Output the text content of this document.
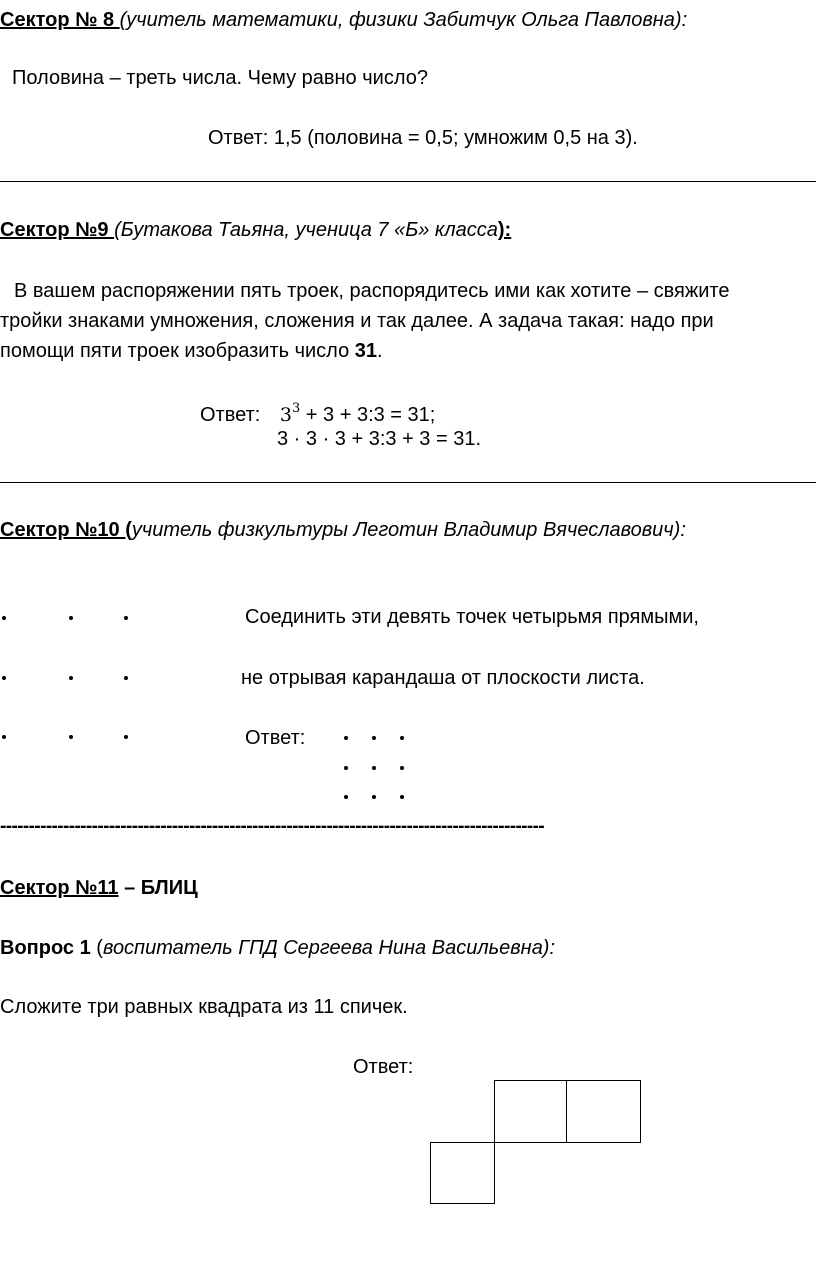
Сектор № 8 (учитель математики, физики Забитчук Ольга Павловна):
Половина – треть числа. Чему равно число?
Ответ: 1,5 (половина = 0,5; умножим 0,5 на 3).
Сектор №9 (Бутакова Таьяна, ученица 7 «Б» класса):
В вашем распоряжении пять троек, распорядитесь ими как хотите – свяжите
тройки знаками умножения, сложения и так далее. А задача такая: надо при
помощи пяти троек изобразить число 31.
Ответ: $3^3 + 3$ + 3:3 = 31;
3 · 3 · 3 + 3:3 + 3 = 31.
Сектор №10 (учитель физкультуры Леготин Владимир Вячеславович):
Соединить эти девять точек четырьмя прямыми,
не отрывая карандаша от плоскости листа.
Ответ:
-----------------------------------------------------------------------------------------------
Сектор №11 – БЛИЦ
Вопрос 1 (воспитатель ГПД Сергеева Нина Васильевна):
Сложите три равных квадрата из 11 спичек.
Ответ:
